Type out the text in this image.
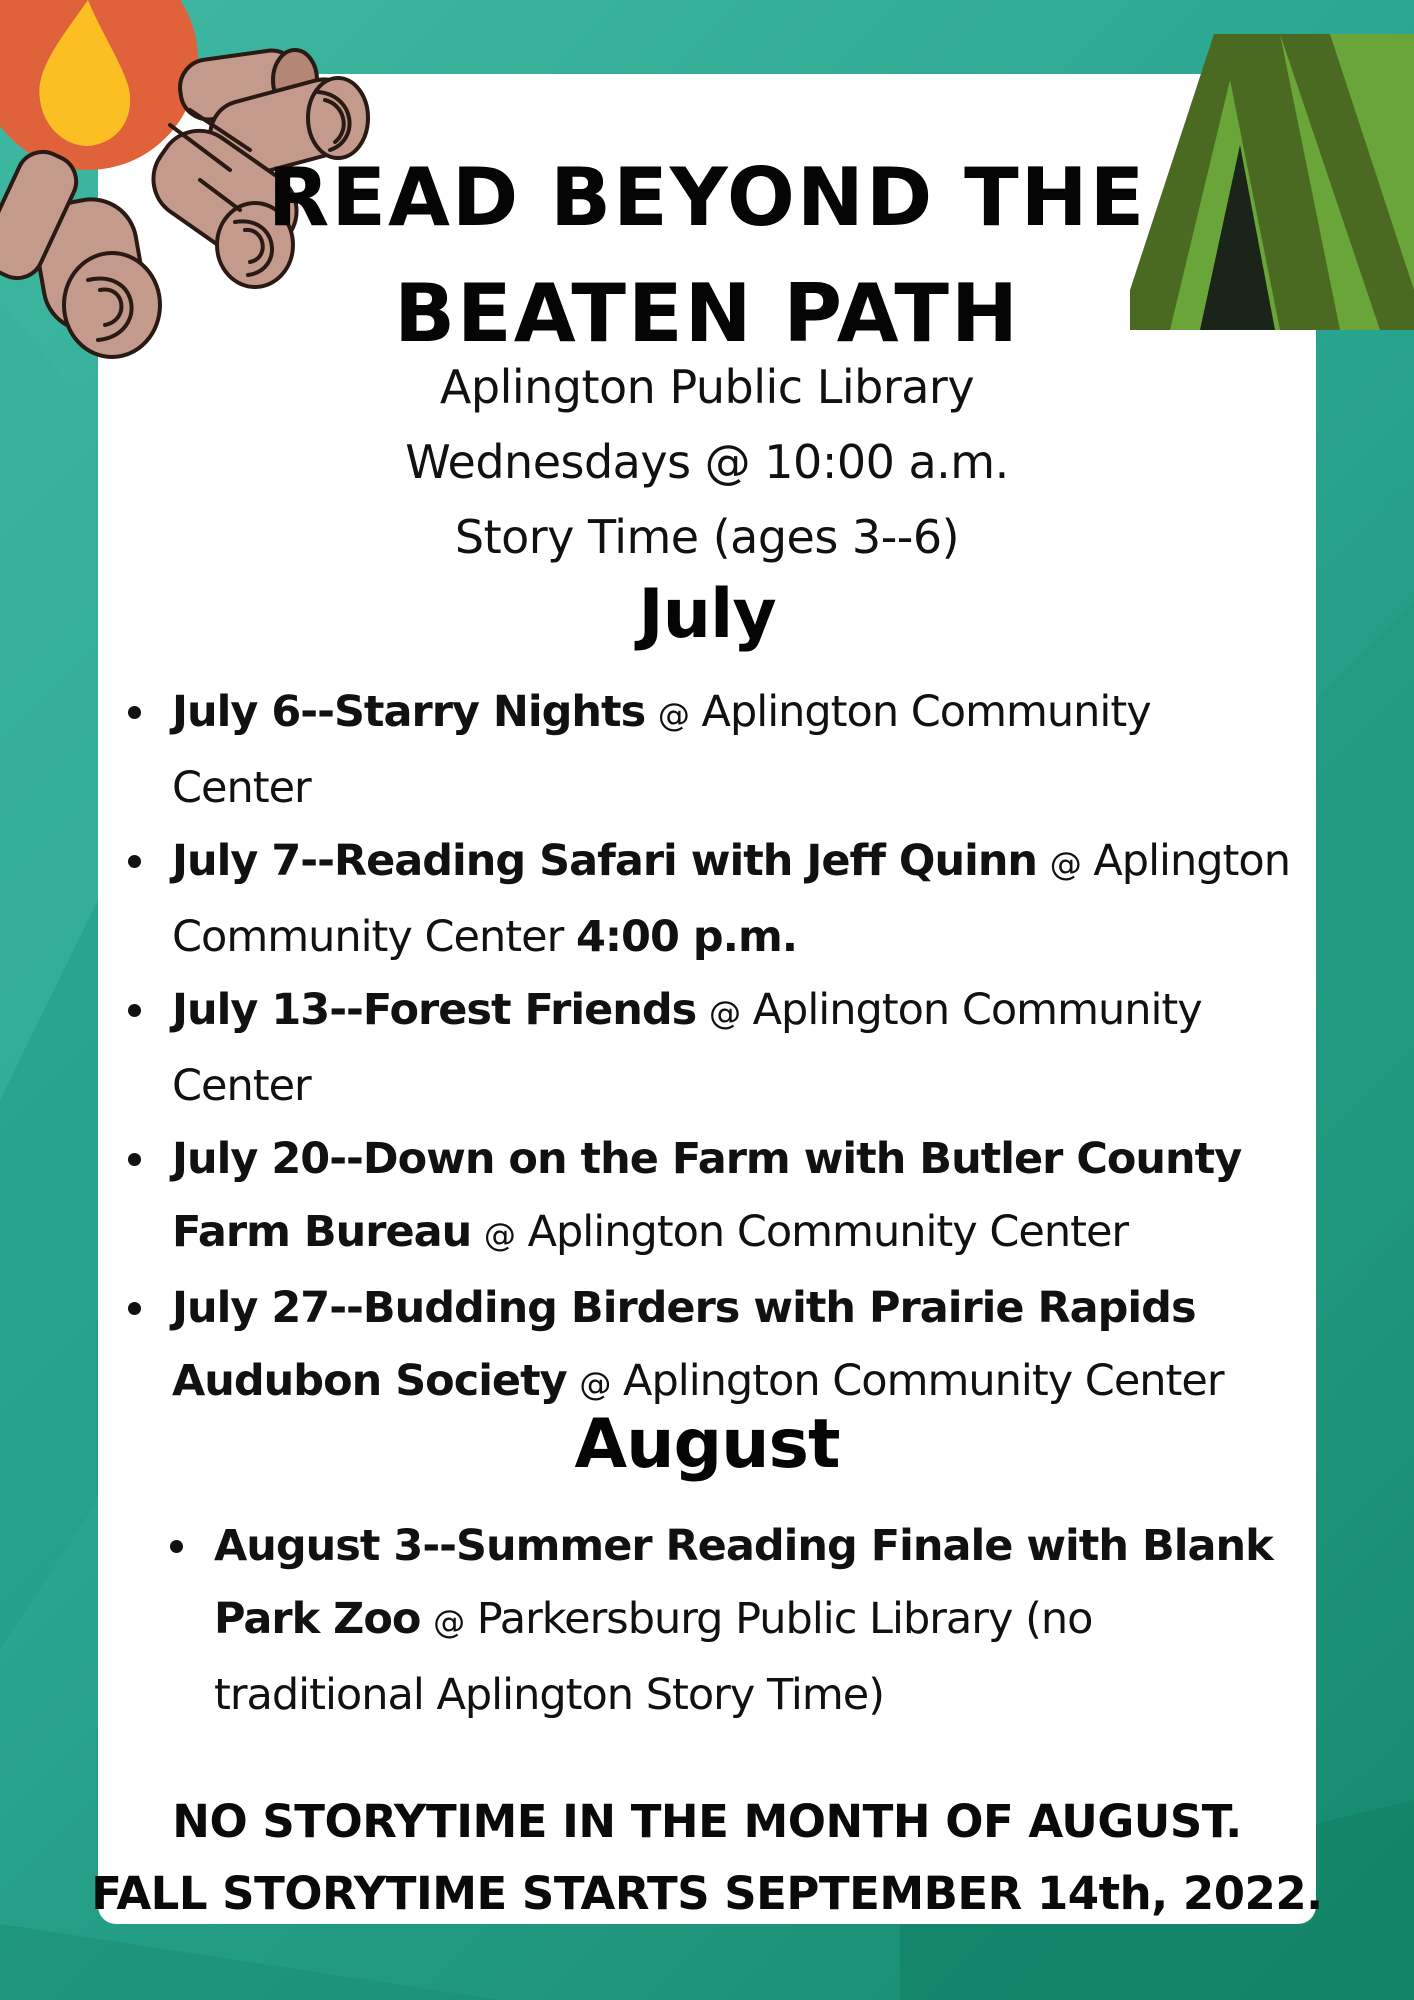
READ BEYOND THE
BEATEN PATH
Aplington Public Library
Wednesdays @ 10:00 a.m.
Story Time (ages 3--6)
July
July 6--Starry Nights @ Aplington Community Center
July 7--Reading Safari with Jeff Quinn @ Aplington Community Center 4:00 p.m.
July 13--Forest Friends @ Aplington Community Center
July 20--Down on the Farm with Butler County Farm Bureau @ Aplington Community Center
July 27--Budding Birders with Prairie Rapids Audubon Society @ Aplington Community Center
August
August 3--Summer Reading Finale with Blank Park Zoo @ Parkersburg Public Library (no traditional Aplington Story Time)
NO STORYTIME IN THE MONTH OF AUGUST.
FALL STORYTIME STARTS SEPTEMBER 14th, 2022.
